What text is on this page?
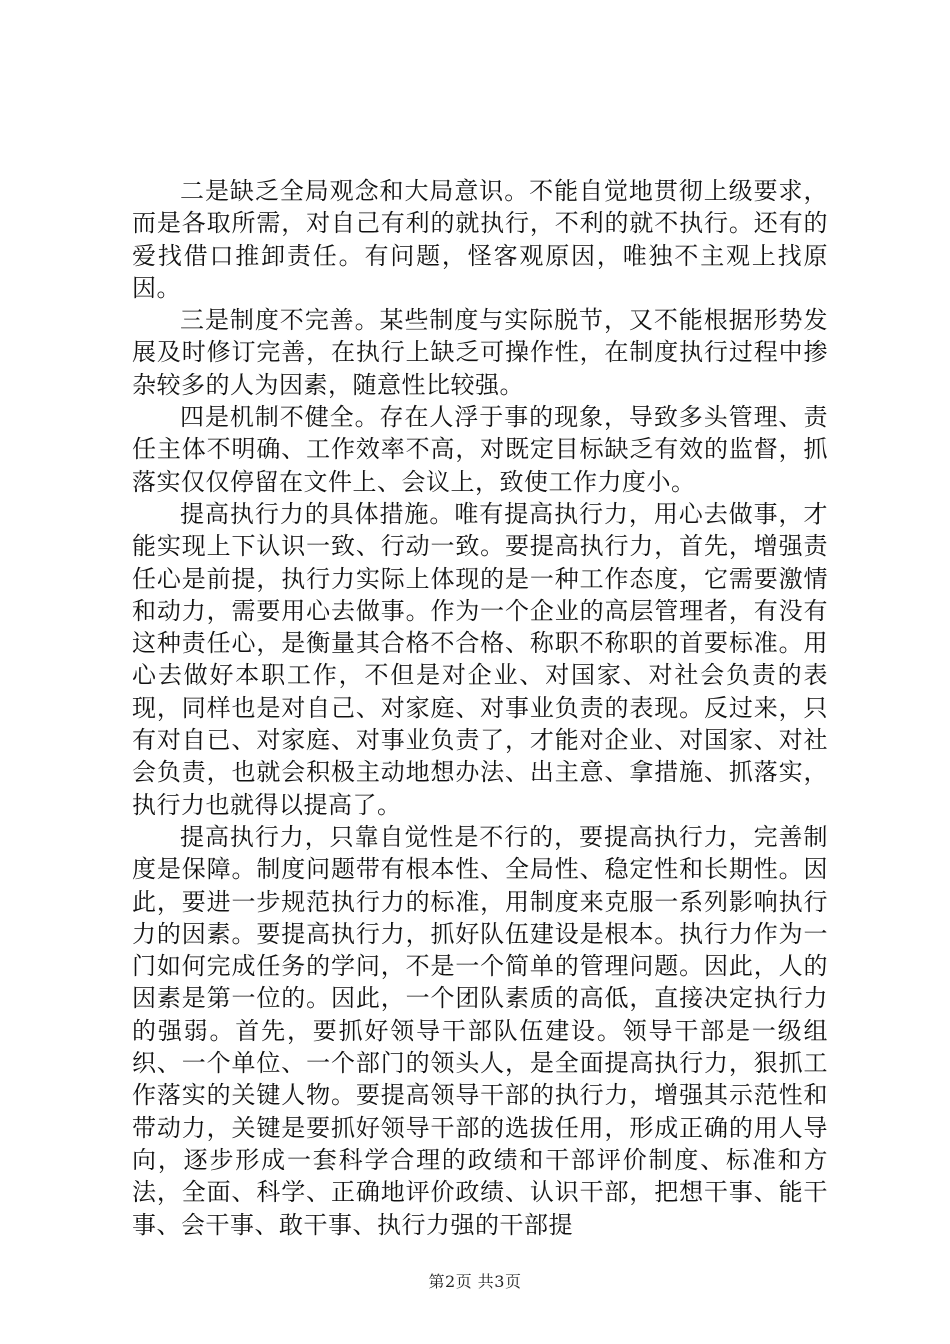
二是缺乏全局观念和大局意识。不能自觉地贯彻上级要求，而是各取所需，对自己有利的就执行，不利的就不执行。还有的爱找借口推卸责任。有问题，怪客观原因，唯独不主观上找原因。

三是制度不完善。某些制度与实际脱节，又不能根据形势发展及时修订完善，在执行上缺乏可操作性，在制度执行过程中掺杂较多的人为因素，随意性比较强。

四是机制不健全。存在人浮于事的现象，导致多头管理、责任主体不明确、工作效率不高，对既定目标缺乏有效的监督，抓落实仅仅停留在文件上、会议上，致使工作力度小。

提高执行力的具体措施。唯有提高执行力，用心去做事，才能实现上下认识一致、行动一致。要提高执行力，首先，增强责任心是前提，执行力实际上体现的是一种工作态度，它需要激情和动力，需要用心去做事。作为一个企业的高层管理者，有没有这种责任心，是衡量其合格不合格、称职不称职的首要标准。用心去做好本职工作，不但是对企业、对国家、对社会负责的表现，同样也是对自己、对家庭、对事业负责的表现。反过来，只有对自已、对家庭、对事业负责了，才能对企业、对国家、对社会负责，也就会积极主动地想办法、出主意、拿措施、抓落实，执行力也就得以提高了。

提高执行力，只靠自觉性是不行的，要提高执行力，完善制度是保障。制度问题带有根本性、全局性、稳定性和长期性。因此，要进一步规范执行力的标准，用制度来克服一系列影响执行力的因素。要提高执行力，抓好队伍建设是根本。执行力作为一门如何完成任务的学问，不是一个简单的管理问题。因此，人的因素是第一位的。因此，一个团队素质的高低，直接决定执行力的强弱。首先，要抓好领导干部队伍建设。领导干部是一级组织、一个单位、一个部门的领头人，是全面提高执行力，狠抓工作落实的关键人物。要提高领导干部的执行力，增强其示范性和带动力，关键是要抓好领导干部的选拔任用，形成正确的用人导向，逐步形成一套科学合理的政绩和干部评价制度、标准和方法，全面、科学、正确地评价政绩、认识干部，把想干事、能干事、会干事、敢干事、执行力强的干部提

第2页 共3页
